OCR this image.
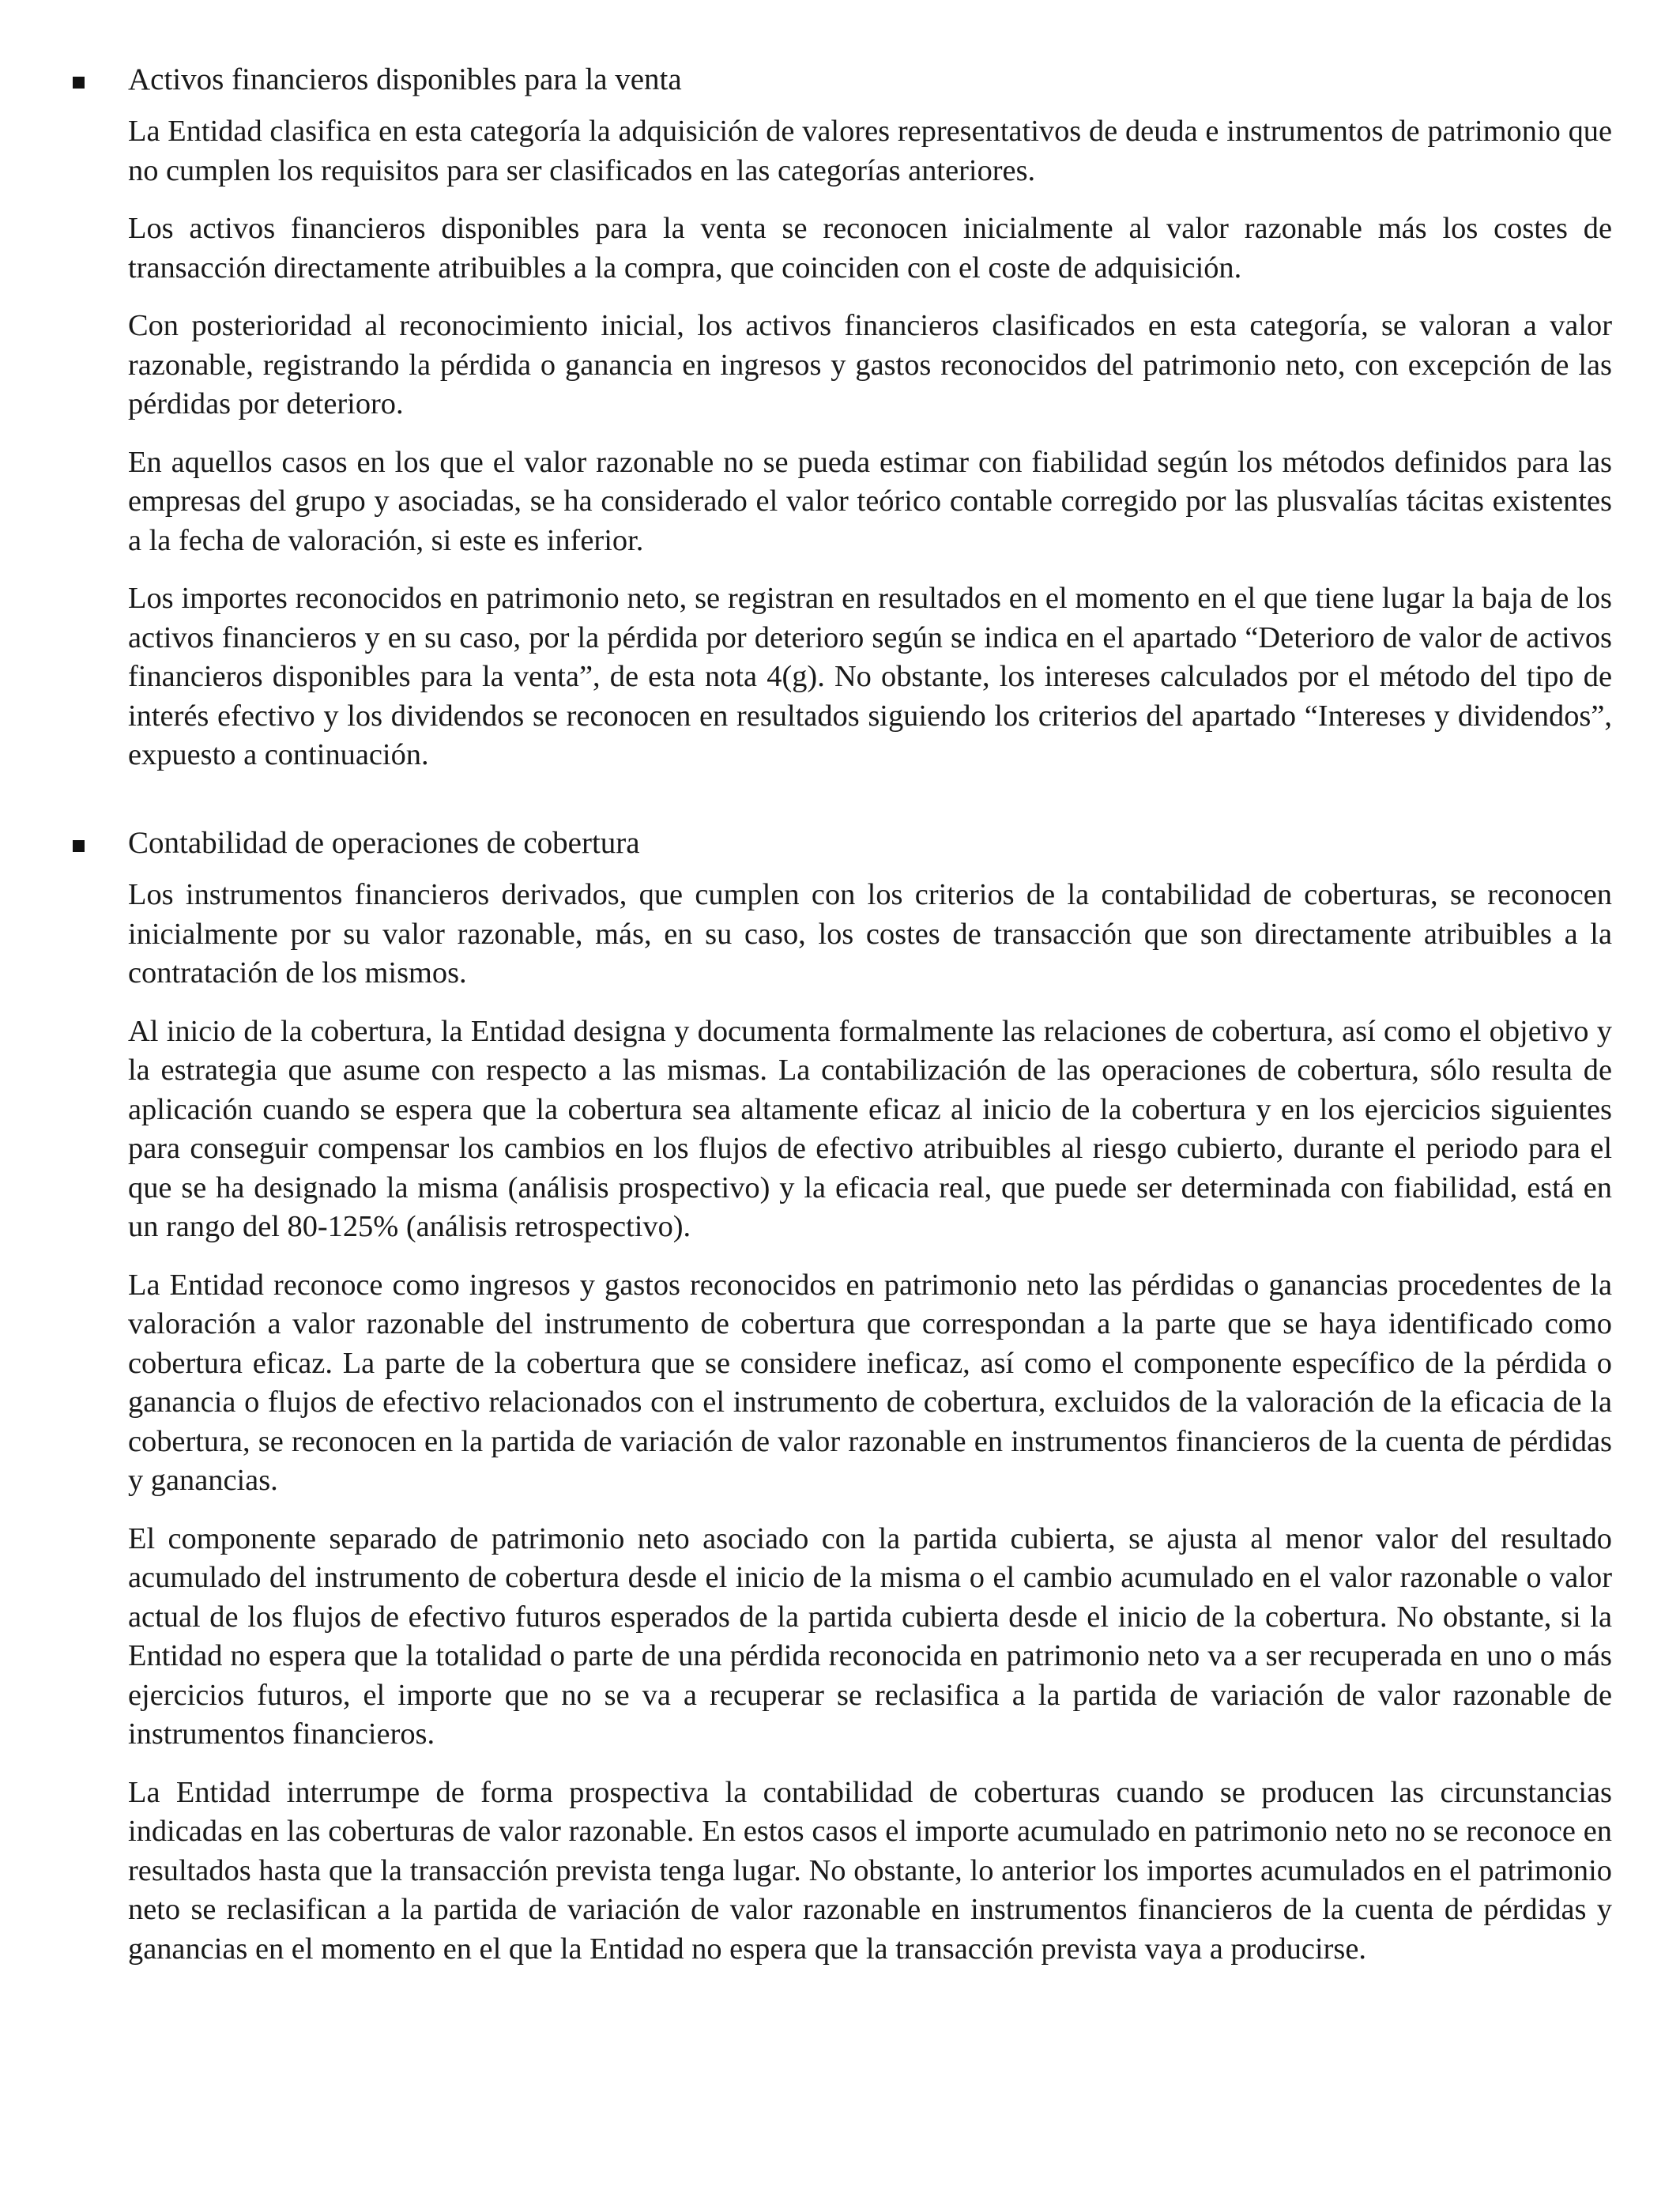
Activos financieros disponibles para la venta

La Entidad clasifica en esta categoría la adquisición de valores representativos de deuda e instrumentos de patrimonio que no cumplen los requisitos para ser clasificados en las categorías anteriores.

Los activos financieros disponibles para la venta se reconocen inicialmente al valor razonable más los costes de transacción directamente atribuibles a la compra, que coinciden con el coste de adquisición.

Con posterioridad al reconocimiento inicial, los activos financieros clasificados en esta categoría, se valoran a valor razonable, registrando la pérdida o ganancia en ingresos y gastos reconocidos del patrimonio neto, con excepción de las pérdidas por deterioro.

En aquellos casos en los que el valor razonable no se pueda estimar con fiabilidad según los métodos definidos para las empresas del grupo y asociadas, se ha considerado el valor teórico contable corregido por las plusvalías tácitas existentes a la fecha de valoración, si este es inferior.

Los importes reconocidos en patrimonio neto, se registran en resultados en el momento en el que tiene lugar la baja de los activos financieros y en su caso, por la pérdida por deterioro según se indica en el apartado “Deterioro de valor de activos financieros disponibles para la venta”, de esta nota 4(g). No obstante, los intereses calculados por el método del tipo de interés efectivo y los dividendos se reconocen en resultados siguiendo los criterios del apartado “Intereses y dividendos”, expuesto a continuación.

Contabilidad de operaciones de cobertura

Los instrumentos financieros derivados, que cumplen con los criterios de la contabilidad de coberturas, se reconocen inicialmente por su valor razonable, más, en su caso, los costes de transacción que son directamente atribuibles a la contratación de los mismos.

Al inicio de la cobertura, la Entidad designa y documenta formalmente las relaciones de cobertura, así como el objetivo y la estrategia que asume con respecto a las mismas. La contabilización de las operaciones de cobertura, sólo resulta de aplicación cuando se espera que la cobertura sea altamente eficaz al inicio de la cobertura y en los ejercicios siguientes para conseguir compensar los cambios en los flujos de efectivo atribuibles al riesgo cubierto, durante el periodo para el que se ha designado la misma (análisis prospectivo) y la eficacia real, que puede ser determinada con fiabilidad, está en un rango del 80-125% (análisis retrospectivo).

La Entidad reconoce como ingresos y gastos reconocidos en patrimonio neto las pérdidas o ganancias procedentes de la valoración a valor razonable del instrumento de cobertura que correspondan a la parte que se haya identificado como cobertura eficaz. La parte de la cobertura que se considere ineficaz, así como el componente específico de la pérdida o ganancia o flujos de efectivo relacionados con el instrumento de cobertura, excluidos de la valoración de la eficacia de la cobertura, se reconocen en la partida de variación de valor razonable en instrumentos financieros de la cuenta de pérdidas y ganancias.

El componente separado de patrimonio neto asociado con la partida cubierta, se ajusta al menor valor del resultado acumulado del instrumento de cobertura desde el inicio de la misma o el cambio acumulado en el valor razonable o valor actual de los flujos de efectivo futuros esperados de la partida cubierta desde el inicio de la cobertura. No obstante, si la Entidad no espera que la totalidad o parte de una pérdida reconocida en patrimonio neto va a ser recuperada en uno o más ejercicios futuros, el importe que no se va a recuperar se reclasifica a la partida de variación de valor razonable de instrumentos financieros.

La Entidad interrumpe de forma prospectiva la contabilidad de coberturas cuando se producen las circunstancias indicadas en las coberturas de valor razonable. En estos casos el importe acumulado en patrimonio neto no se reconoce en resultados hasta que la transacción prevista tenga lugar. No obstante, lo anterior los importes acumulados en el patrimonio neto se reclasifican a la partida de variación de valor razonable en instrumentos financieros de la cuenta de pérdidas y ganancias en el momento en el que la Entidad no espera que la transacción prevista vaya a producirse.
